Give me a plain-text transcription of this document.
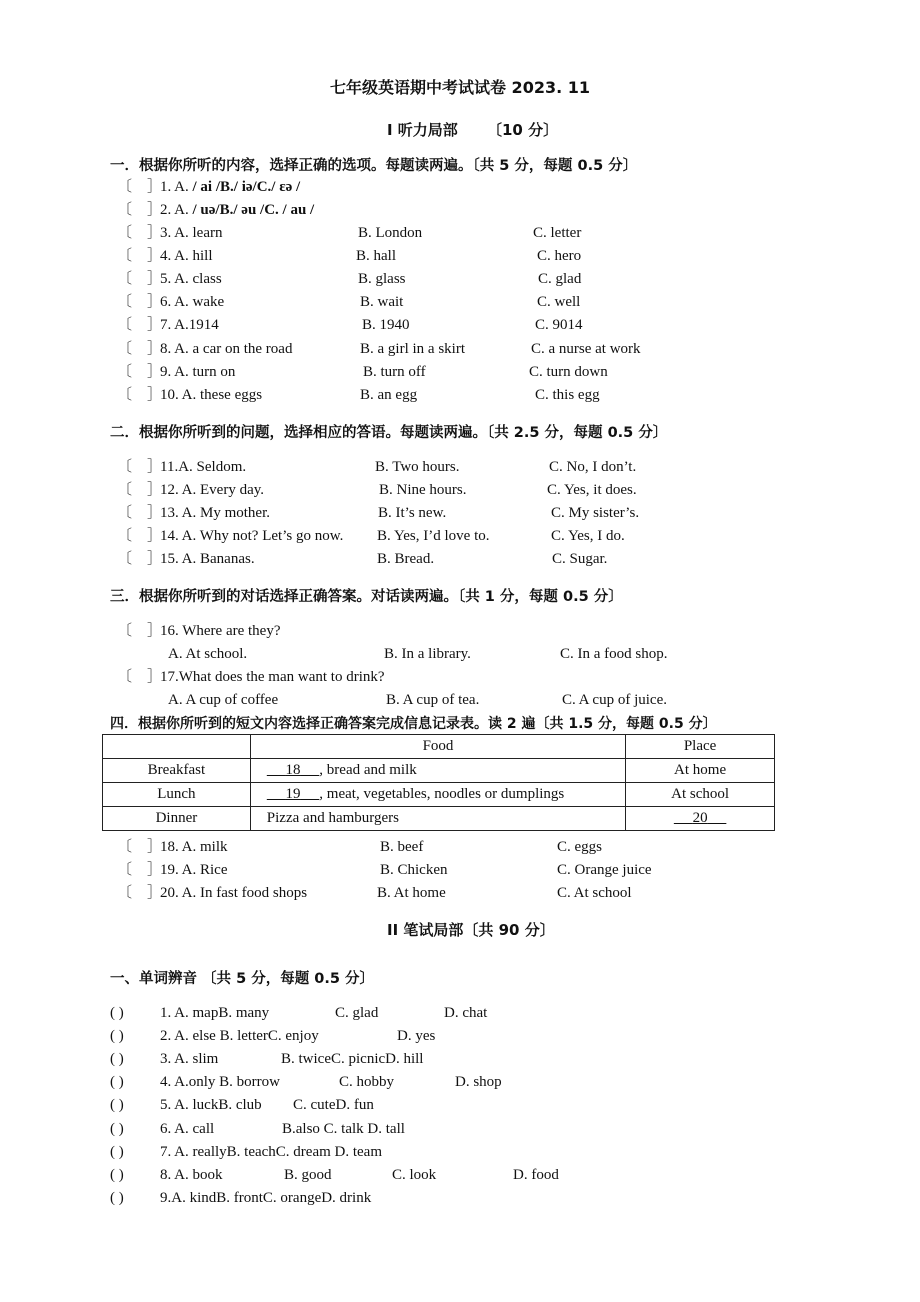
七年级英语期中考试试卷 2023. 11
I 听力局部 〔10 分〕
一．根据你所听的内容，选择正确的选项。每题读两遍。〔共 5 分，每题 0.5 分〕
〔　］
1. A. / ai /B./ iə/C./ ɛə /
〔　］
2. A. / uə/B./ əu /C. / au /
〔　］
3. A. learn	B. London	C. letter
〔　］
4. A. hill	B. hall	C. hero
〔　］
5. A. class	B. glass	C. glad
〔　］
6. A. wake	B. wait	C. well
〔　］
7. A.1914	B. 1940	C. 9014
〔　］
8. A. a car on the road	B. a girl in a skirt	C. a nurse at work
〔　］
9. A. turn on	B. turn off	C. turn down
〔　］
10. A. these eggs	B. an egg	C. this egg
二．根据你所听到的问题，选择相应的答语。每题读两遍。〔共 2.5 分，每题 0.5 分〕
〔　］
11.A. Seldom.	B. Two hours.	C. No, I don’t.
〔　］
12. A. Every day.	B. Nine hours.	C. Yes, it does.
〔　］
13. A. My mother.	B. It’s new.	C. My sister’s.
〔　］
14. A. Why not? Let’s go now. B. Yes, I’d love to.	C. Yes, I do.
〔　］
15. A. Bananas.	B. Bread.	C. Sugar.
三．根据你所听到的对话选择正确答案。对话读两遍。〔共 1 分，每题 0.5 分〕
〔　］
16. Where are they?
A. At school.	B. In a library.	C. In a food shop.
〔　］
17.What does the man want to drink?
A. A cup of coffee	B. A cup of tea.	C. A cup of juice.
四．根据你所听到的短文内容选择正确答案完成信息记录表。读 2 遍〔共 1.5 分，每题 0.5 分〕
	Food	Place
Breakfast	18 , bread and milk	At home
Lunch	19 , meat, vegetables, noodles or dumplings	At school
Dinner	Pizza and hamburgers	20
〔　］
18. A. milk	B. beef	C. eggs
〔　］
19. A. Rice	B. Chicken	C. Orange juice
〔　］
20. A. In fast food shops	B. At home	C. At school
II 笔试局部〔共 90 分〕
一、单词辨音 〔共 5 分，每题 0.5 分〕
( ) 1. A. mapB. many	C. glad	D. chat
( ) 2. A. else B. letterC. enjoy	D. yes
( ) 3. A. slim	B. twiceC. picnicD. hill
( ) 4. A.only B. borrow	C. hobby	D. shop
( ) 5. A. luckB. club C. cuteD. fun
( ) 6. A. call	B.also C. talk D. tall
( ) 7. A. reallyB. teachC. dream D. team
( ) 8. A. book	B. good	C. look	D. food
( ) 9.A. kindB. frontC. orangeD. drink
